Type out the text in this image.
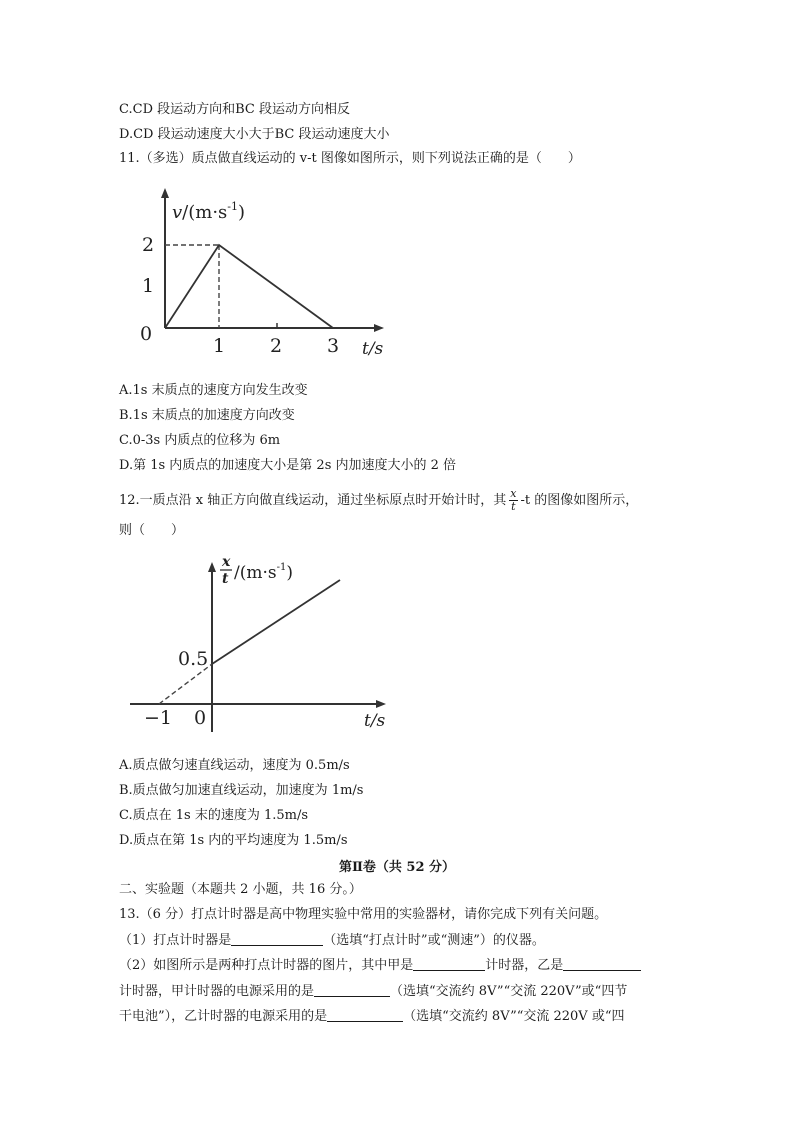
C.CD 段运动方向和BC 段运动方向相反
D.CD 段运动速度大小大于BC 段运动速度大小
11.（多选）质点做直线运动的 v-t 图像如图所示，则下列说法正确的是（　　）
$v/(m\cdot s^{-1})$
2
1
0
1 2 3 t/s
A.1s 末质点的速度方向发生改变
B.1s 末质点的加速度方向改变
C.0-3s 内质点的位移为 6m
D.第 1s 内质点的加速度大小是第 2s 内加速度大小的 2 倍
12.一质点沿 x 轴正方向做直线运动，通过坐标原点时开始计时，其 $\frac{x}{t} -t$ 的图像如图所示，
则（　　）
x
t $/(m\cdot s^{-1})$
0.5
−1 0	t/s
A.质点做匀速直线运动，速度为 0.5m/s
B.质点做匀加速直线运动，加速度为 1m/s
C.质点在 1s 末的速度为 1.5m/s
D.质点在第 1s 内的平均速度为 1.5m/s
第Ⅱ卷（共 52 分）
二、实验题（本题共 2 小题，共 16 分。）
13.（6 分）打点计时器是高中物理实验中常用的实验器材，请你完成下列有关问题。
（1）打点计时器是	（选填“打点计时”或“测速”）的仪器。
（2）如图所示是两种打点计时器的图片，其中甲是	计时器，乙是
计时器，甲计时器的电源采用的是	（选填“交流约 8V”“交流 220V”或“四节
干电池”），乙计时器的电源采用的是	（选填“交流约 8V”“交流 220V 或“四
